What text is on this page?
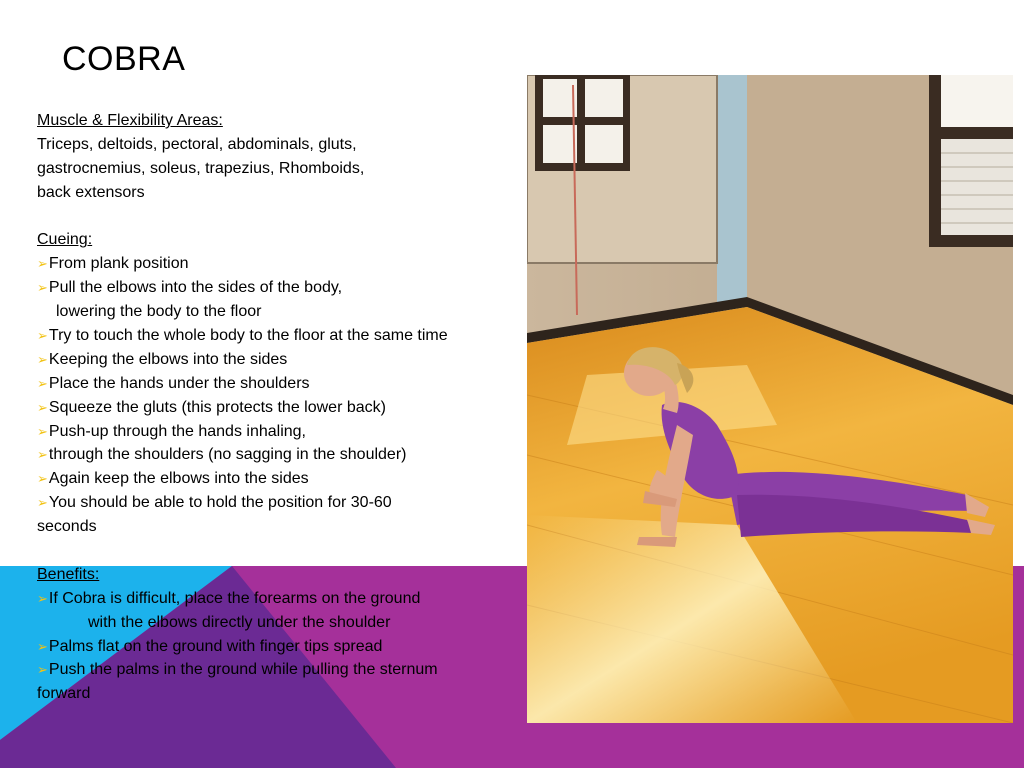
COBRA
Muscle & Flexibility Areas:
Triceps, deltoids, pectoral, abdominals, gluts,
gastrocnemius, soleus, trapezius, Rhomboids,
back extensors
Cueing:
➢From plank position
➢Pull the elbows into the sides of the body,
lowering the body to the floor
➢Try to touch the whole body to the floor at the same time
➢Keeping the elbows into the sides
➢Place the hands under the shoulders
➢Squeeze the gluts (this protects the lower back)
➢Push-up through the hands inhaling,
➢through the shoulders (no sagging in the shoulder)
➢Again keep the elbows into the sides
➢You should be able to hold the position for 30-60
seconds
Benefits:
➢If Cobra is difficult, place the forearms on the ground
with the elbows directly under the shoulder
➢Palms flat on the ground with finger tips spread
➢Push the palms in the ground while pulling the sternum
forward
